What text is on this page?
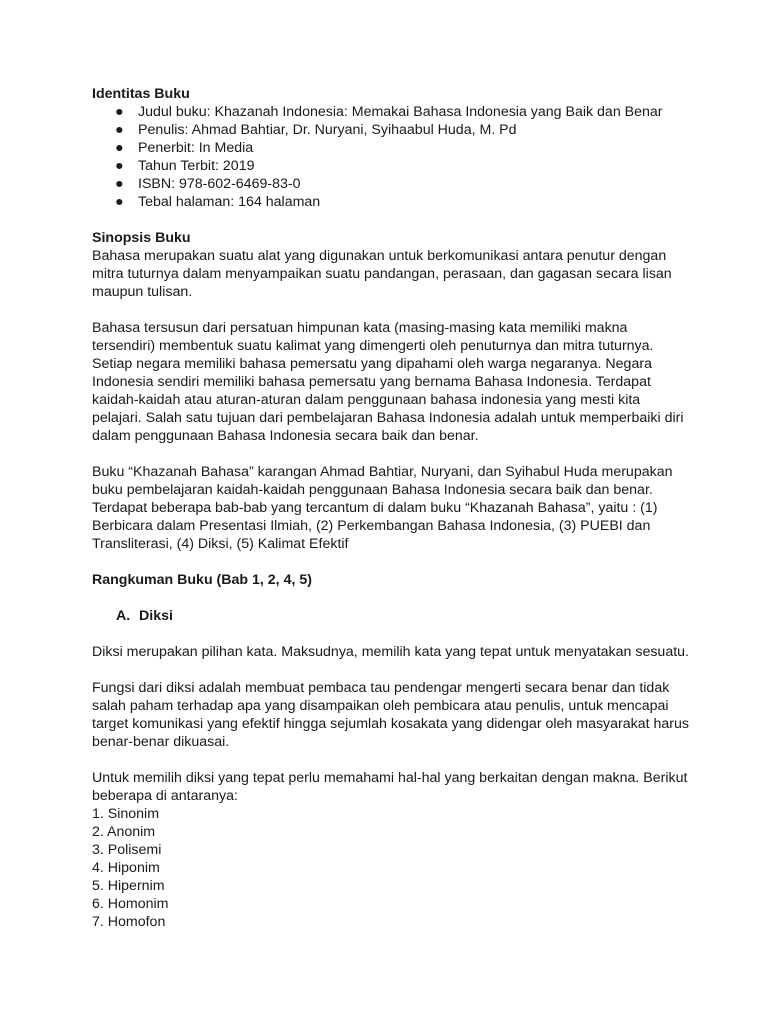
Identitas Buku

● Judul buku: Khazanah Indonesia: Memakai Bahasa Indonesia yang Baik dan Benar
● Penulis: Ahmad Bahtiar, Dr. Nuryani, Syihaabul Huda, M. Pd
● Penerbit: In Media
● Tahun Terbit: 2019
● ISBN: 978-602-6469-83-0
● Tebal halaman: 164 halaman

Sinopsis Buku

Bahasa merupakan suatu alat yang digunakan untuk berkomunikasi antara penutur dengan mitra tuturnya dalam menyampaikan suatu pandangan, perasaan, dan gagasan secara lisan maupun tulisan.

Bahasa tersusun dari persatuan himpunan kata (masing-masing kata memiliki makna tersendiri) membentuk suatu kalimat yang dimengerti oleh penuturnya dan mitra tuturnya. Setiap negara memiliki bahasa pemersatu yang dipahami oleh warga negaranya. Negara Indonesia sendiri memiliki bahasa pemersatu yang bernama Bahasa Indonesia. Terdapat kaidah-kaidah atau aturan-aturan dalam penggunaan bahasa indonesia yang mesti kita pelajari. Salah satu tujuan dari pembelajaran Bahasa Indonesia adalah untuk memperbaiki diri dalam penggunaan Bahasa Indonesia secara baik dan benar.

Buku “Khazanah Bahasa” karangan Ahmad Bahtiar, Nuryani, dan Syihabul Huda merupakan buku pembelajaran kaidah-kaidah penggunaan Bahasa Indonesia secara baik dan benar. Terdapat beberapa bab-bab yang tercantum di dalam buku “Khazanah Bahasa”, yaitu : (1) Berbicara dalam Presentasi Ilmiah, (2) Perkembangan Bahasa Indonesia, (3) PUEBI dan Transliterasi, (4) Diksi, (5) Kalimat Efektif

Rangkuman Buku (Bab 1, 2, 4, 5)

A. Diksi

Diksi merupakan pilihan kata. Maksudnya, memilih kata yang tepat untuk menyatakan sesuatu.

Fungsi dari diksi adalah membuat pembaca tau pendengar mengerti secara benar dan tidak salah paham terhadap apa yang disampaikan oleh pembicara atau penulis, untuk mencapai target komunikasi yang efektif hingga sejumlah kosakata yang didengar oleh masyarakat harus benar-benar dikuasai.

Untuk memilih diksi yang tepat perlu memahami hal-hal yang berkaitan dengan makna. Berikut beberapa di antaranya:

1. Sinonim
2. Anonim
3. Polisemi
4. Hiponim
5. Hipernim
6. Homonim
7. Homofon
